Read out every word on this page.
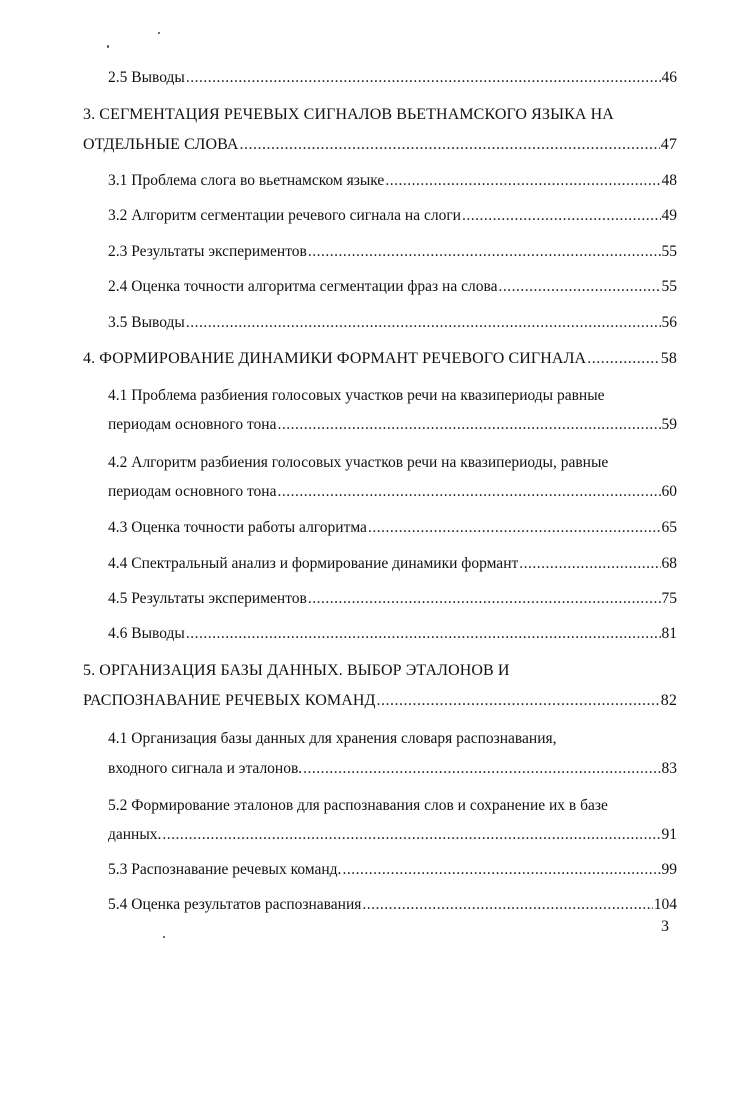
2.5 Выводы .....	46
3. СЕГМЕНТАЦИЯ РЕЧЕВЫХ СИГНАЛОВ ВЬЕТНАМСКОГО ЯЗЫКА НА
ОТДЕЛЬНЫЕ СЛОВА .....	47
3.1 Проблема слога во вьетнамском языке .....	48
3.2 Алгоритм сегментации речевого сигнала на слоги .....	49
2.3 Результаты экспериментов .....	55
2.4 Оценка точности алгоритма сегментации фраз на слова .....	55
3.5 Выводы .....	56
4. ФОРМИРОВАНИЕ ДИНАМИКИ ФОРМАНТ РЕЧЕВОГО СИГНАЛА .....	58
4.1 Проблема разбиения голосовых участков речи на квазипериоды равные
периодам основного тона .....	59
4.2 Алгоритм разбиения голосовых участков речи на квазипериоды, равные
периодам основного тона .....	60
4.3 Оценка точности работы алгоритма .....	65
4.4 Спектральный анализ и формирование динамики формант .....	68
4.5 Результаты экспериментов .....	75
4.6 Выводы .....	81
5. ОРГАНИЗАЦИЯ БАЗЫ ДАННЫХ. ВЫБОР ЭТАЛОНОВ И
РАСПОЗНАВАНИЕ РЕЧЕВЫХ КОМАНД .....	82
4.1 Организация базы данных для хранения словаря распознавания,
входного сигнала и эталонов. .....	83
5.2 Формирование эталонов для распознавания слов и сохранение их в базе
данных. .....	91
5.3 Распознавание речевых команд. .....	99
5.4 Оценка результатов распознавания .....	104
3
